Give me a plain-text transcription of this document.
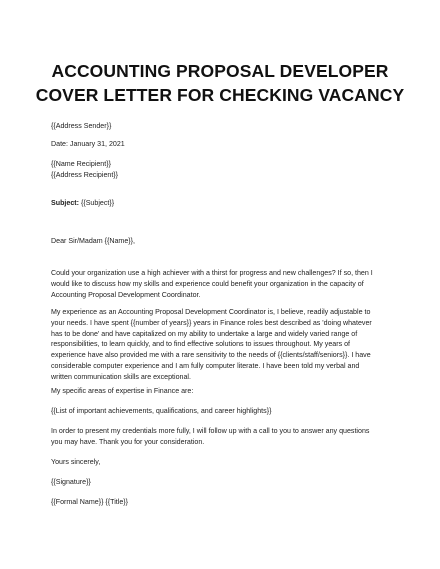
ACCOUNTING PROPOSAL DEVELOPER
COVER LETTER FOR CHECKING VACANCY
{{Address Sender}}
Date: January 31, 2021
{{Name Recipient}}
{{Address Recipient}}
Subject: {{Subject}}
Dear Sir/Madam {{Name}},
Could your organization use a high achiever with a thirst for progress and new challenges? If so, then I
would like to discuss how my skills and experience could benefit your organization in the capacity of
Accounting Proposal Development Coordinator.
My experience as an Accounting Proposal Development Coordinator is, I believe, readily adjustable to
your needs. I have spent {{number of years}} years in Finance roles best described as 'doing whatever
has to be done' and have capitalized on my ability to undertake a large and widely varied range of
responsibilities, to learn quickly, and to find effective solutions to issues throughout. My years of
experience have also provided me with a rare sensitivity to the needs of {{clients/staff/seniors}}. I have
considerable computer experience and I am fully computer literate. I have been told my verbal and
written communication skills are exceptional.
My specific areas of expertise in Finance are:
{{List of important achievements, qualifications, and career highlights}}
In order to present my credentials more fully, I will follow up with a call to you to answer any questions
you may have. Thank you for your consideration.
Yours sincerely,
{{Signature}}
{{Formal Name}} {{Title}}
